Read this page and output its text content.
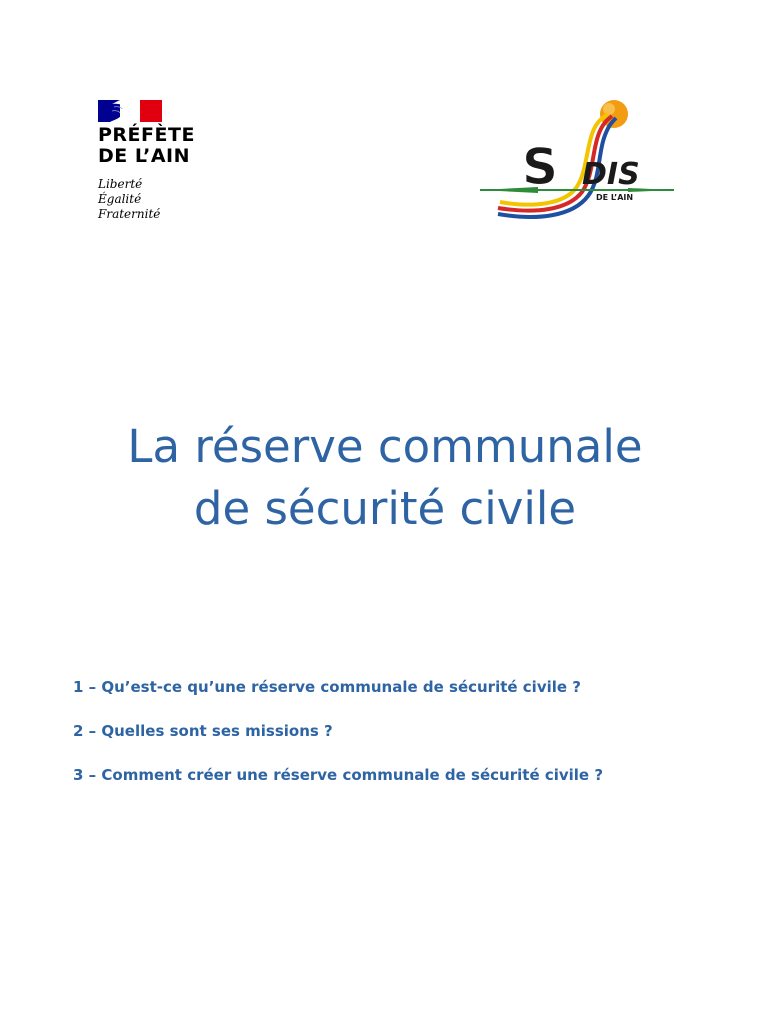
PRÉFÈTE
DE L’AIN
Liberté
Égalité
Fraternité
S DIS
DE L’AIN
La réserve communale
de sécurité civile
1 – Qu’est-ce qu’une réserve communale de sécurité civile ?
2 – Quelles sont ses missions ?
3 – Comment créer une réserve communale de sécurité civile ?
